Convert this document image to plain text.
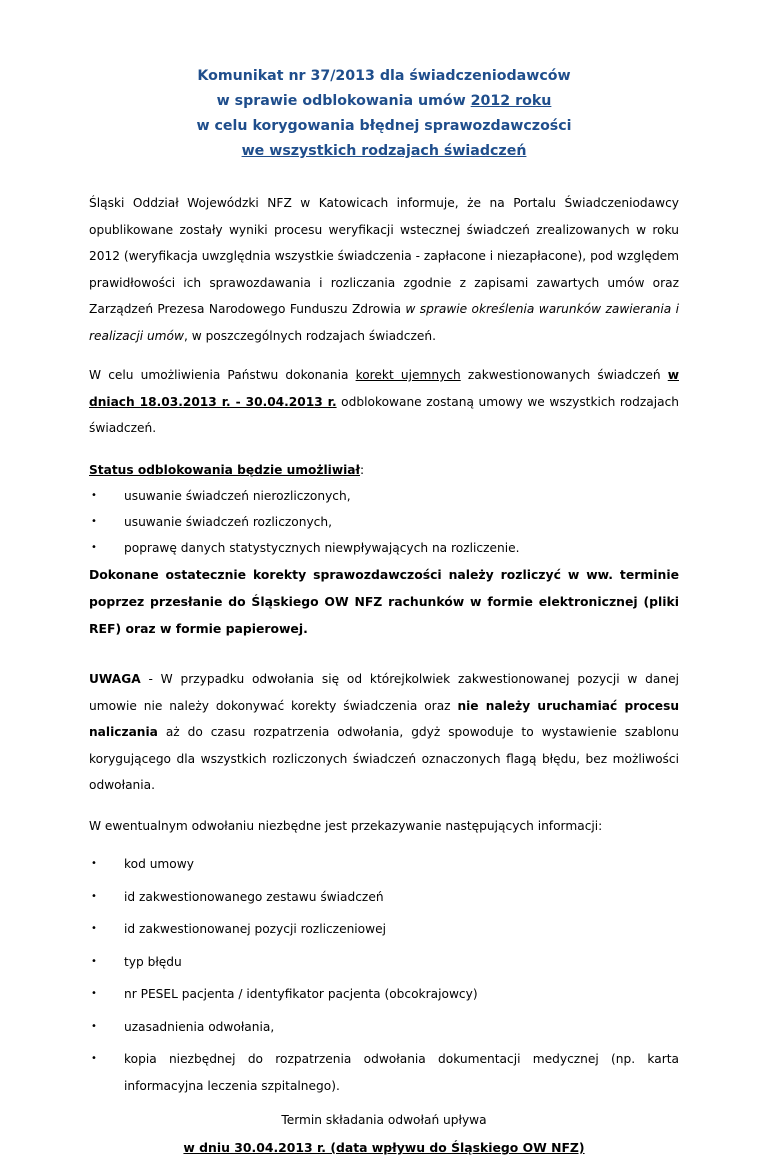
Komunikat nr 37/2013 dla świadczeniodawców
w sprawie odblokowania umów 2012 roku
w celu korygowania błędnej sprawozdawczości
we wszystkich rodzajach świadczeń

Śląski Oddział Wojewódzki NFZ w Katowicach informuje, że na Portalu Świadczeniodawcy opublikowane zostały wyniki procesu weryfikacji wstecznej świadczeń zrealizowanych w roku 2012 (weryfikacja uwzględnia wszystkie świadczenia - zapłacone i niezapłacone), pod względem prawidłowości ich sprawozdawania i rozliczania zgodnie z zapisami zawartych umów oraz Zarządzeń Prezesa Narodowego Funduszu Zdrowia w sprawie określenia warunków zawierania i realizacji umów, w poszczególnych rodzajach świadczeń.

W celu umożliwienia Państwu dokonania korekt ujemnych zakwestionowanych świadczeń w dniach 18.03.2013 r. - 30.04.2013 r. odblokowane zostaną umowy we wszystkich rodzajach świadczeń.

Status odblokowania będzie umożliwiał:

• usuwanie świadczeń nierozliczonych,
• usuwanie świadczeń rozliczonych,
• poprawę danych statystycznych niewpływających na rozliczenie.

Dokonane ostatecznie korekty sprawozdawczości należy rozliczyć w ww. terminie poprzez przesłanie do Śląskiego OW NFZ rachunków w formie elektronicznej (pliki REF) oraz w formie papierowej.

UWAGA - W przypadku odwołania się od którejkolwiek zakwestionowanej pozycji w danej umowie nie należy dokonywać korekty świadczenia oraz nie należy uruchamiać procesu naliczania aż do czasu rozpatrzenia odwołania, gdyż spowoduje to wystawienie szablonu korygującego dla wszystkich rozliczonych świadczeń oznaczonych flagą błędu, bez możliwości odwołania.

W ewentualnym odwołaniu niezbędne jest przekazywanie następujących informacji:

• kod umowy
• id zakwestionowanego zestawu świadczeń
• id zakwestionowanej pozycji rozliczeniowej
• typ błędu
• nr PESEL pacjenta / identyfikator pacjenta (obcokrajowcy)
• uzasadnienia odwołania,
• kopia niezbędnej do rozpatrzenia odwołania dokumentacji medycznej (np. karta informacyjna leczenia szpitalnego).
Termin składania odwołań upływa
w dniu 30.04.2013 r. (data wpływu do Śląskiego OW NFZ)
